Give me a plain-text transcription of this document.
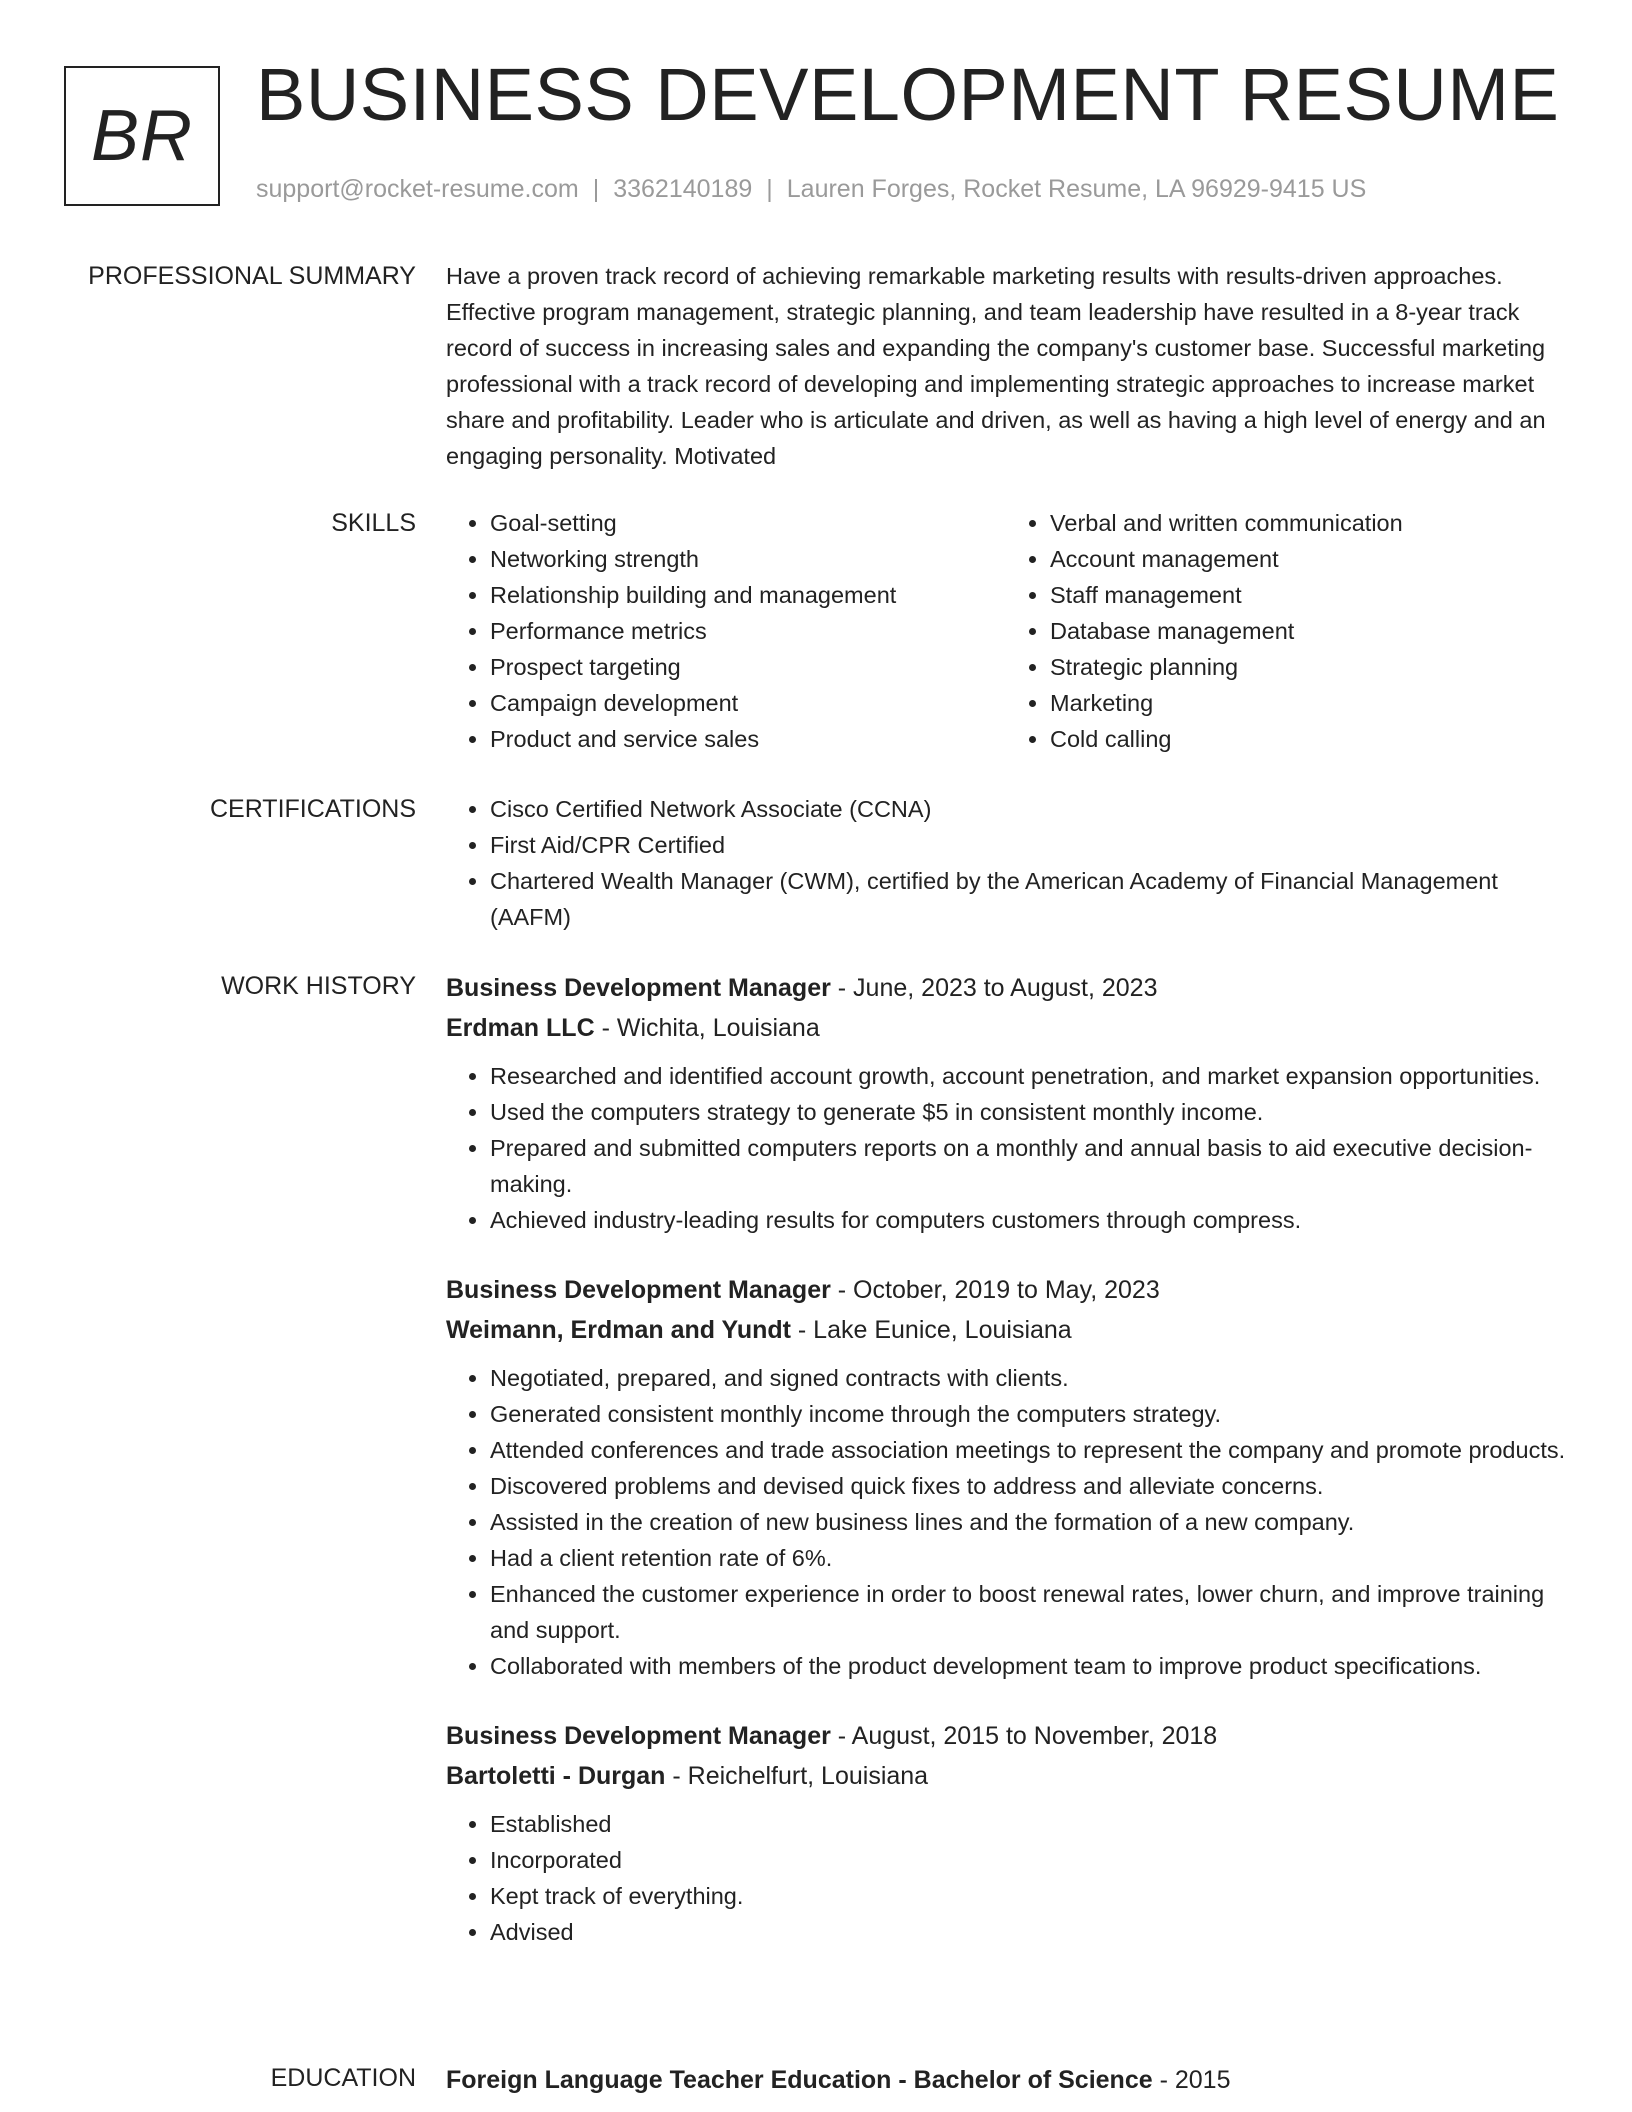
BR BUSINESS DEVELOPMENT RESUME
support@rocket-resume.com | 3362140189 | Lauren Forges, Rocket Resume, LA 96929-9415 US
PROFESSIONAL SUMMARY Have a proven track record of achieving remarkable marketing results with results-driven approaches. Effective program management, strategic planning, and team leadership have resulted in a 8-year track record of success in increasing sales and expanding the company's customer base. Successful marketing professional with a track record of developing and implementing strategic approaches to increase market share and profitability. Leader who is articulate and driven, as well as having a high level of energy and an engaging personality. Motivated
SKILLS	• Goal-setting
• Networking strength
• Relationship building and management
• Performance metrics
• Prospect targeting
• Campaign development
• Product and service sales
• Verbal and written communication
• Account management
• Staff management
• Database management
• Strategic planning
• Marketing
• Cold calling
CERTIFICATIONS	• Cisco Certified Network Associate (CCNA)
• First Aid/CPR Certified
• Chartered Wealth Manager (CWM), certified by the American Academy of Financial Management (AAFM)
WORK HISTORY Business Development Manager - June, 2023 to August, 2023
Erdman LLC - Wichita, Louisiana
• Researched and identified account growth, account penetration, and market expansion opportunities.
• Used the computers strategy to generate $5 in consistent monthly income.
• Prepared and submitted computers reports on a monthly and annual basis to aid executive decision-making.
• Achieved industry-leading results for computers customers through compress.
Business Development Manager - October, 2019 to May, 2023
Weimann, Erdman and Yundt - Lake Eunice, Louisiana
• Negotiated, prepared, and signed contracts with clients.
• Generated consistent monthly income through the computers strategy.
• Attended conferences and trade association meetings to represent the company and promote products.
• Discovered problems and devised quick fixes to address and alleviate concerns.
• Assisted in the creation of new business lines and the formation of a new company.
• Had a client retention rate of 6%.
• Enhanced the customer experience in order to boost renewal rates, lower churn, and improve training and support.
• Collaborated with members of the product development team to improve product specifications.
Business Development Manager - August, 2015 to November, 2018
Bartoletti - Durgan - Reichelfurt, Louisiana
• Established
• Incorporated
• Kept track of everything.
• Advised
EDUCATION Foreign Language Teacher Education - Bachelor of Science - 2015
